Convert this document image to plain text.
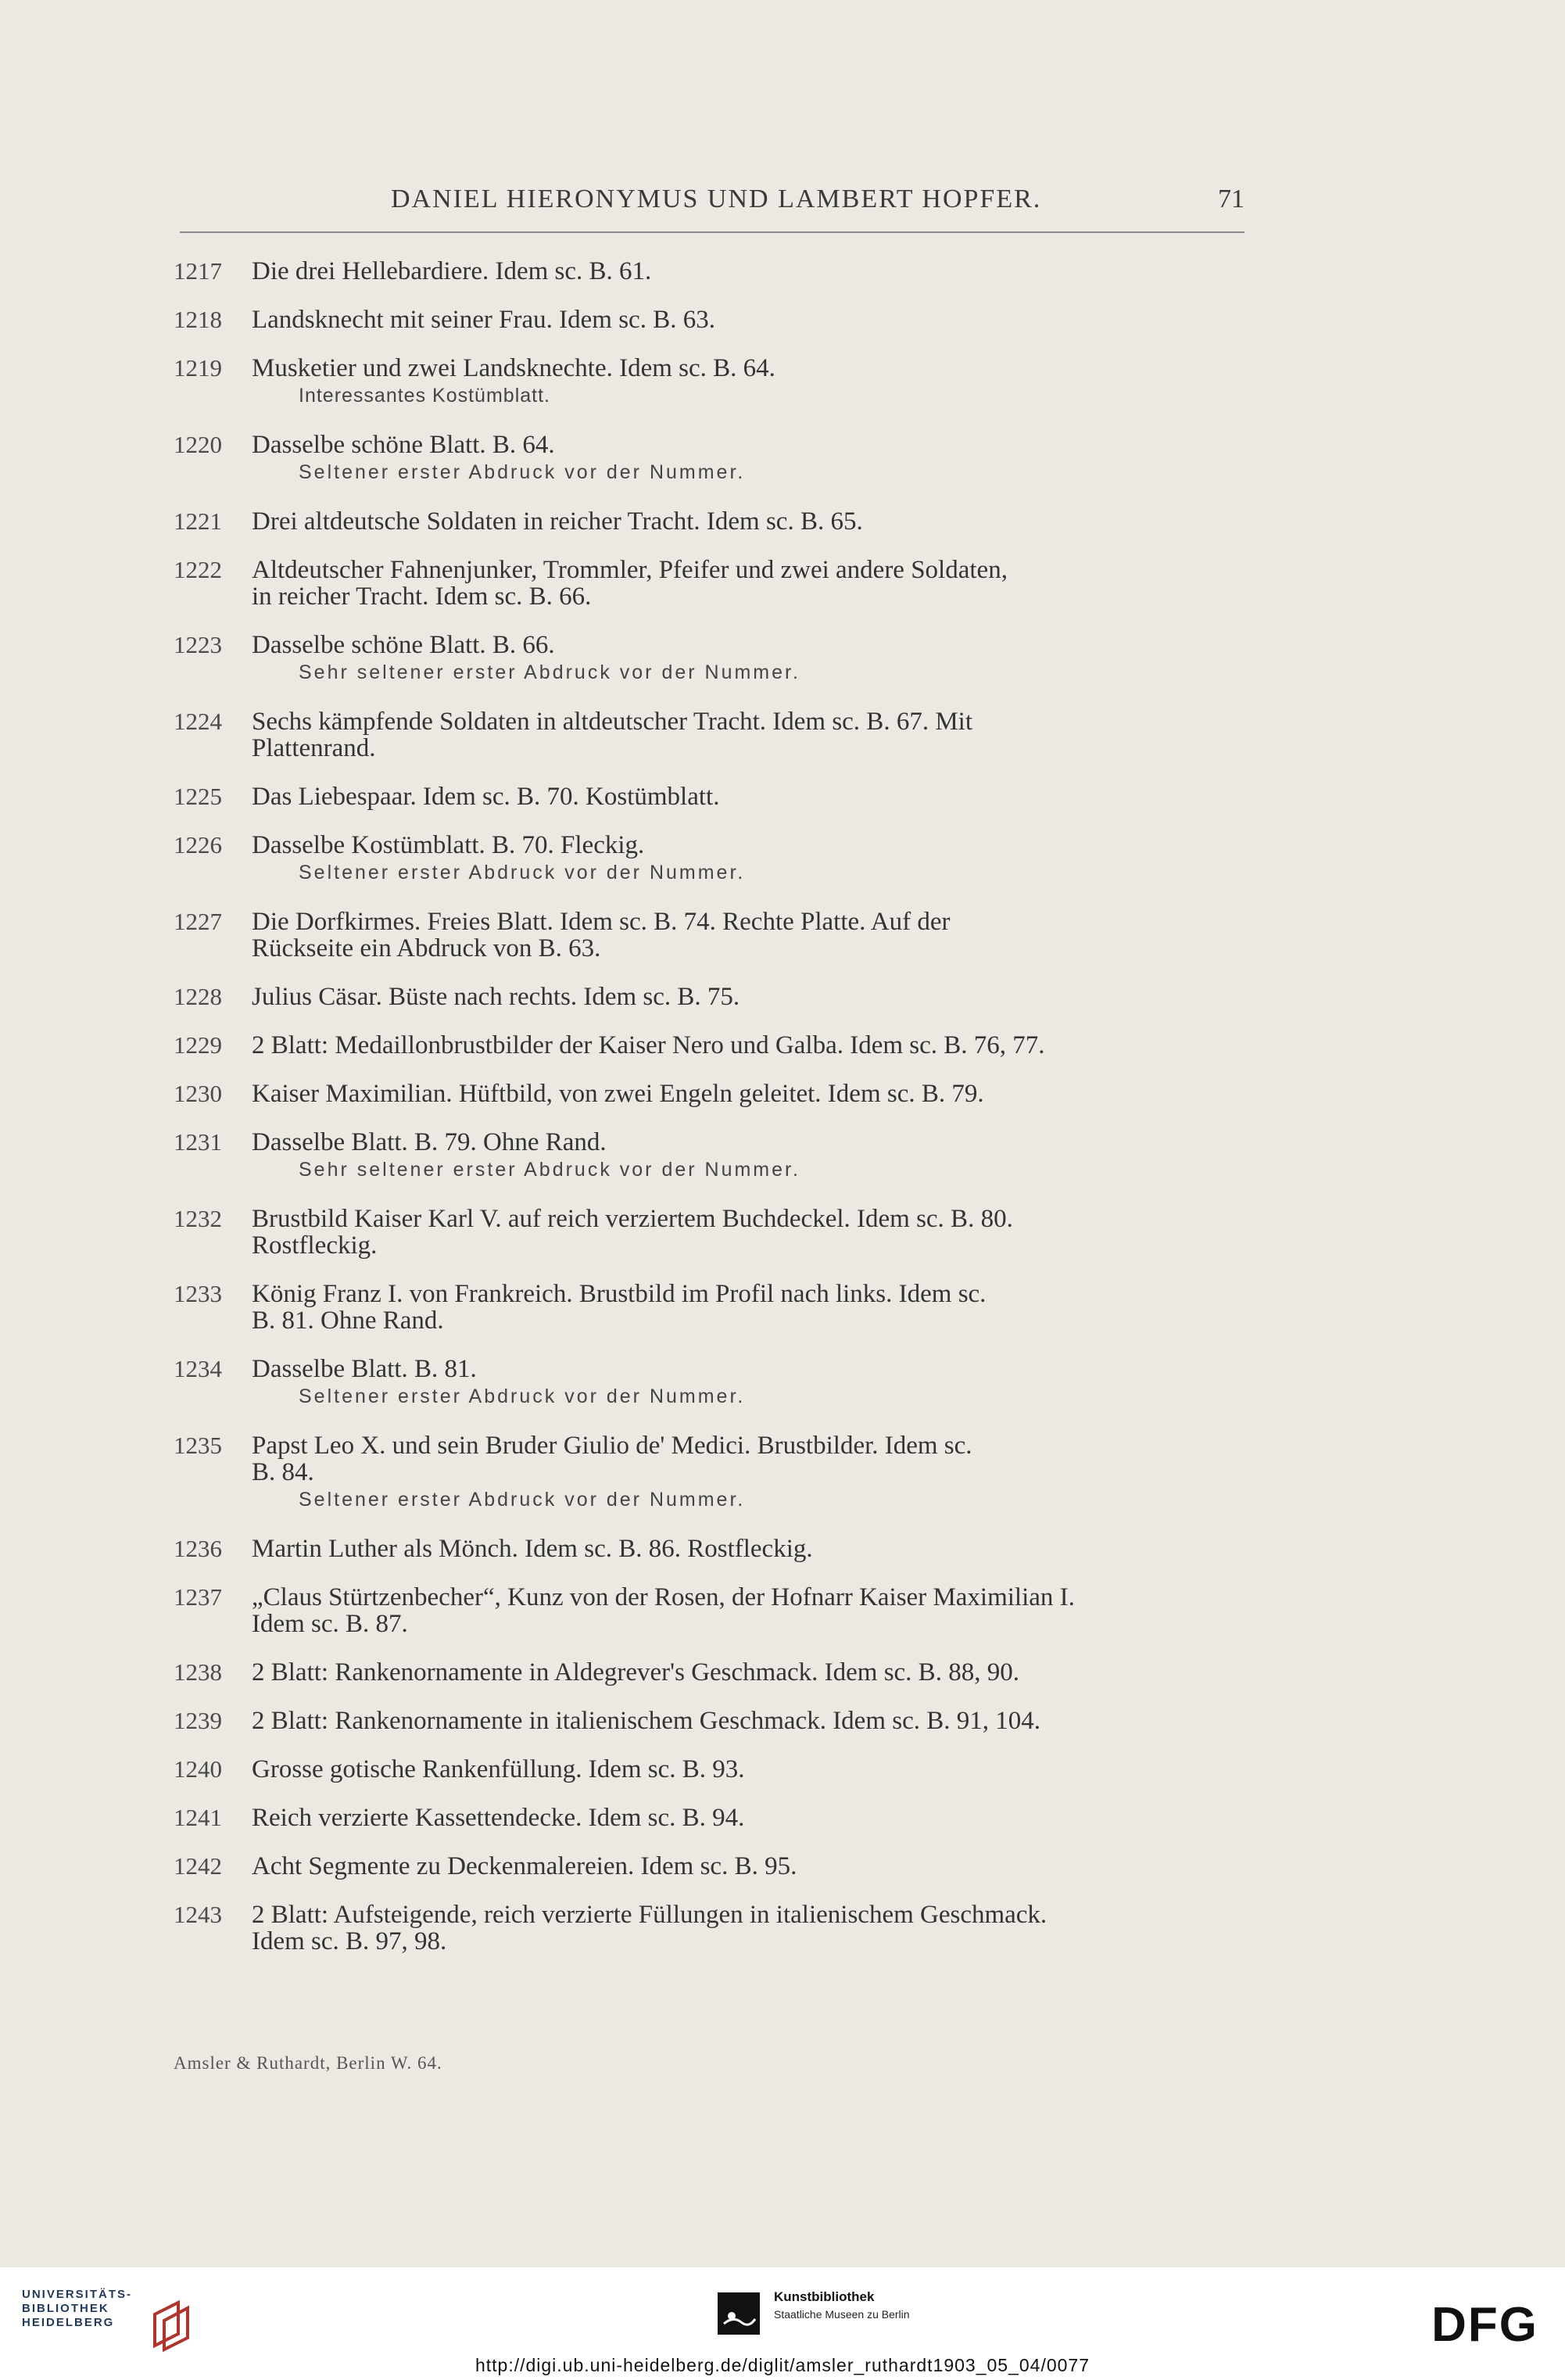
DANIEL HIERONYMUS UND LAMBERT HOPFER.	71
1217 Die drei Hellebardiere. Idem sc. B. 61.

1218 Landsknecht mit seiner Frau. Idem sc. B. 63.

1219 Musketier und zwei Landsknechte. Idem sc. B. 64.

Interessantes Kostümblatt.

1220 Dasselbe schöne Blatt. B. 64.

Seltener erster Abdruck vor der Nummer.

1221 Drei altdeutsche Soldaten in reicher Tracht. Idem sc. B. 65.

1222 Altdeutscher Fahnenjunker, Trommler, Pfeifer und zwei andere Soldaten,

in reicher Tracht. Idem sc. B. 66.

1223 Dasselbe schöne Blatt. B. 66.

Sehr seltener erster Abdruck vor der Nummer.

1224 Sechs kämpfende Soldaten in altdeutscher Tracht. Idem sc. B. 67. Mit

Plattenrand.

1225 Das Liebespaar. Idem sc. B. 70. Kostümblatt.

1226 Dasselbe Kostümblatt. B. 70. Fleckig.

Seltener erster Abdruck vor der Nummer.

1227 Die Dorfkirmes. Freies Blatt. Idem sc. B. 74. Rechte Platte. Auf der

Rückseite ein Abdruck von B. 63.

1228 Julius Cäsar. Büste nach rechts. Idem sc. B. 75.

1229 2 Blatt: Medaillonbrustbilder der Kaiser Nero und Galba. Idem sc. B. 76, 77.

1230 Kaiser Maximilian. Hüftbild, von zwei Engeln geleitet. Idem sc. B. 79.

1231 Dasselbe Blatt. B. 79. Ohne Rand.

Sehr seltener erster Abdruck vor der Nummer.

1232 Brustbild Kaiser Karl V. auf reich verziertem Buchdeckel. Idem sc. B. 80.

Rostfleckig.

1233 König Franz I. von Frankreich. Brustbild im Profil nach links. Idem sc.

B. 81. Ohne Rand.

1234 Dasselbe Blatt. B. 81.

Seltener erster Abdruck vor der Nummer.

1235 Papst Leo X. und sein Bruder Giulio de' Medici. Brustbilder. Idem sc.

B. 84.

Seltener erster Abdruck vor der Nummer.

1236 Martin Luther als Mönch. Idem sc. B. 86. Rostfleckig.

1237 „Claus Stürtzenbecher“, Kunz von der Rosen, der Hofnarr Kaiser Maximilian I.

Idem sc. B. 87.

1238 2 Blatt: Rankenornamente in Aldegrever's Geschmack. Idem sc. B. 88, 90.

1239 2 Blatt: Rankenornamente in italienischem Geschmack. Idem sc. B. 91, 104.

1240 Grosse gotische Rankenfüllung. Idem sc. B. 93.

1241 Reich verzierte Kassettendecke. Idem sc. B. 94.

1242 Acht Segmente zu Deckenmalereien. Idem sc. B. 95.

1243 2 Blatt: Aufsteigende, reich verzierte Füllungen in italienischem Geschmack.

Idem sc. B. 97, 98.

Amsler & Ruthardt, Berlin W. 64.
UNIVERSITÄTS-
BIBLIOTHEK
HEIDELBERG
Kunstbibliothek
Staatliche Museen zu Berlin	DFG
http://digi.ub.uni-heidelberg.de/diglit/amsler_ruthardt1903_05_04/0077
